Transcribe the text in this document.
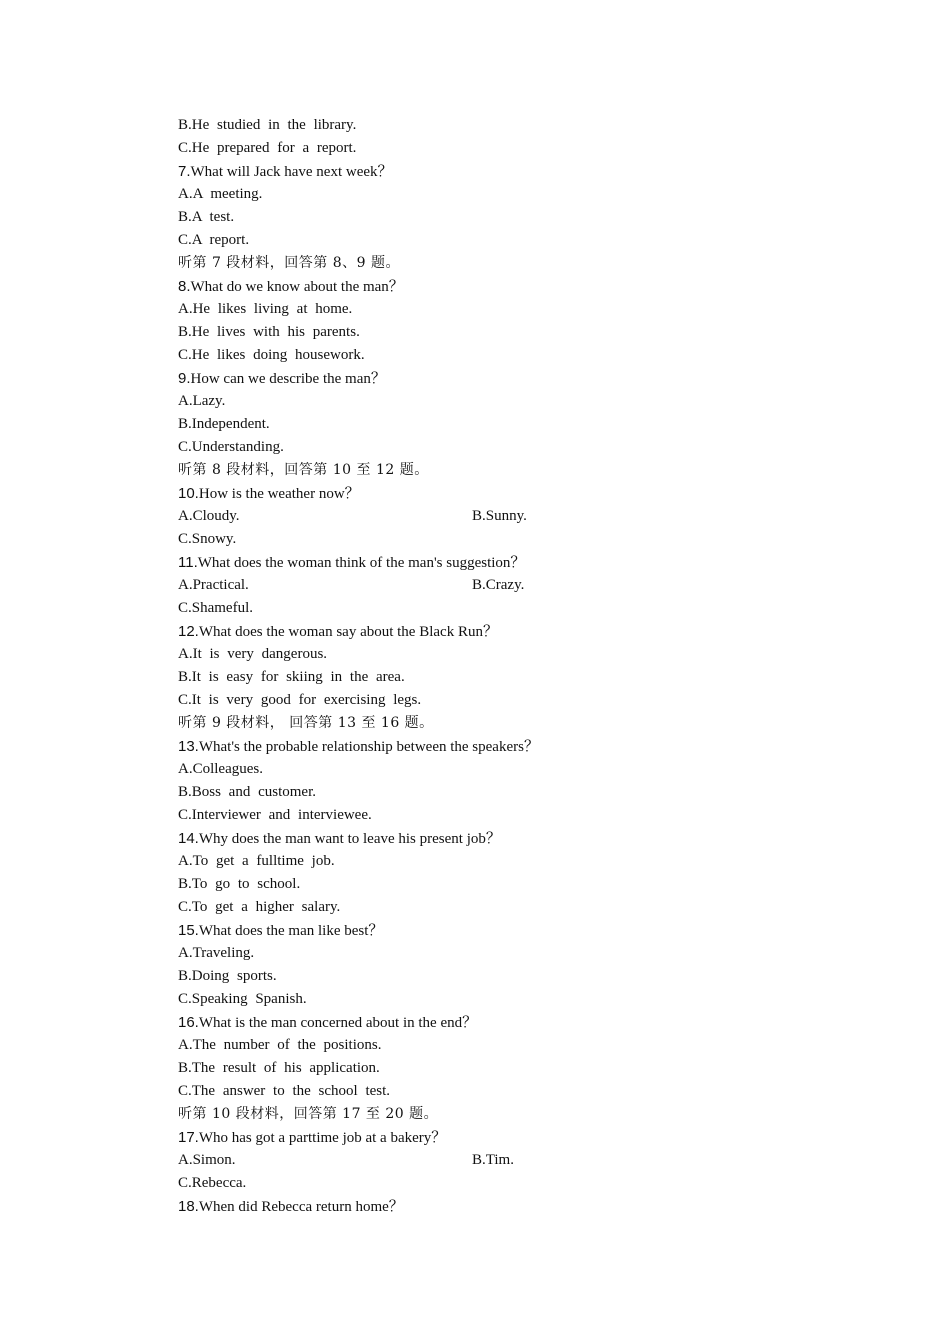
B.He studied in the library.
C.He prepared for a report.
7.What will Jack have next week？
A.A meeting.
B.A test.
C.A report.
听第 7 段材料，回答第 8、9 题。
8.What do we know about the man？
A.He likes living at home.
B.He lives with his parents.
C.He likes doing housework.
9.How can we describe the man？
A.Lazy.
B.Independent.
C.Understanding.
听第 8 段材料，回答第 10 至 12 题。
10.How is the weather now？
A.Cloudy.	B.Sunny.
C.Snowy.
11.What does the woman think of the man's suggestion？
A.Practical.	B.Crazy.
C.Shameful.
12.What does the woman say about the Black Run？
A.It is very dangerous.
B.It is easy for skiing in the area.
C.It is very good for exercising legs.
听第 9 段材料， 回答第 13 至 16 题。
13.What's the probable relationship between the speakers？
A.Colleagues.
B.Boss and customer.
C.Interviewer and interviewee.
14.Why does the man want to leave his present job？
A.To get a fulltime job.
B.To go to school.
C.To get a higher salary.
15.What does the man like best？
A.Traveling.
B.Doing sports.
C.Speaking Spanish.
16.What is the man concerned about in the end？
A.The number of the positions.
B.The result of his application.
C.The answer to the school test.
听第 10 段材料，回答第 17 至 20 题。
17.Who has got a parttime job at a bakery？
A.Simon.	B.Tim.
C.Rebecca.
18.When did Rebecca return home？
